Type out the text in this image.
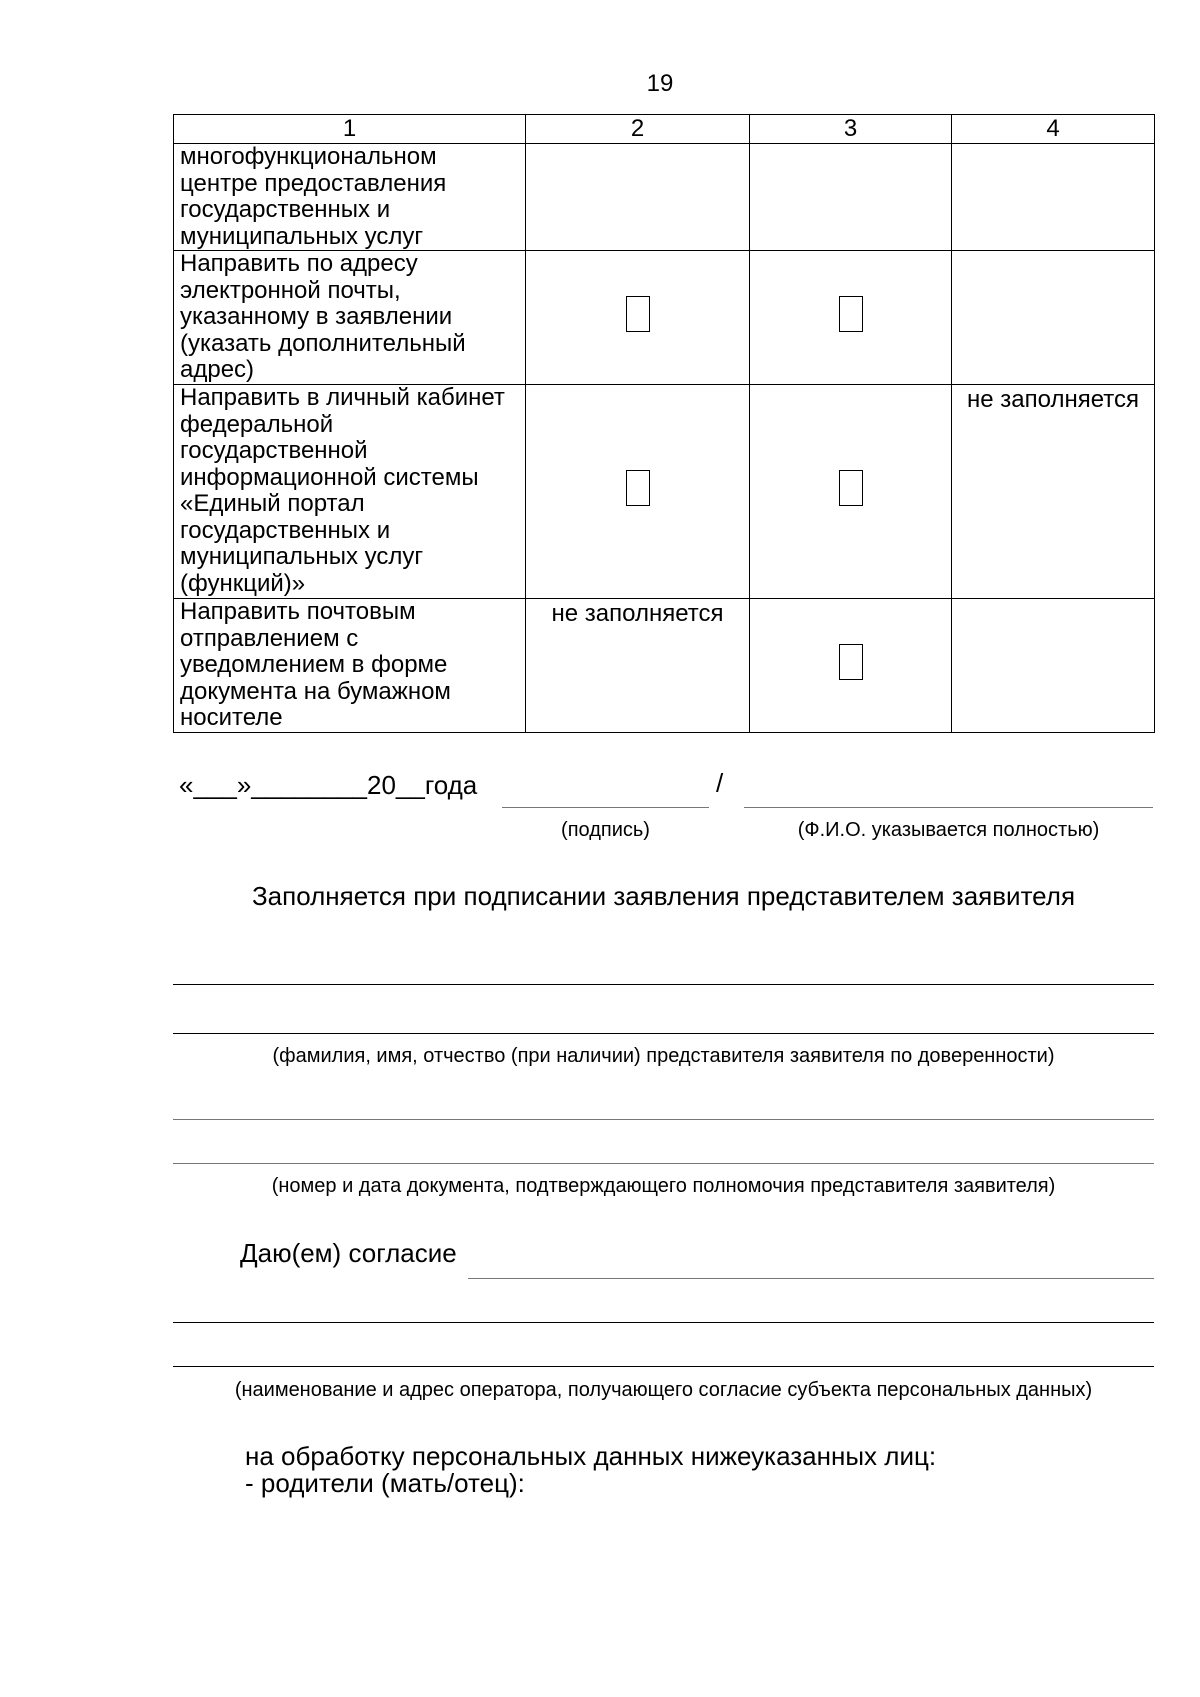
19
1	2	3	4
многофункциональном центре предоставления государственных и муниципальных услуг			
Направить по адресу электронной почты, указанному в заявлении (указать дополнительный адрес)			
Направить в личный кабинет федеральной государственной информационной системы «Единый портал государственных и муниципальных услуг (функций)»			не заполняется
Направить почтовым отправлением с уведомлением в форме документа на бумажном носителе	не заполняется		
«___»________20__года	/
(подпись)	(Ф.И.О. указывается полностью)
Заполняется при подписании заявления представителем заявителя
(фамилия, имя, отчество (при наличии) представителя заявителя по доверенности)
(номер и дата документа, подтверждающего полномочия представителя заявителя)
Даю(ем) согласие
(наименование и адрес оператора, получающего согласие субъекта персональных данных)
на обработку персональных данных нижеуказанных лиц:
- родители (мать/отец):
